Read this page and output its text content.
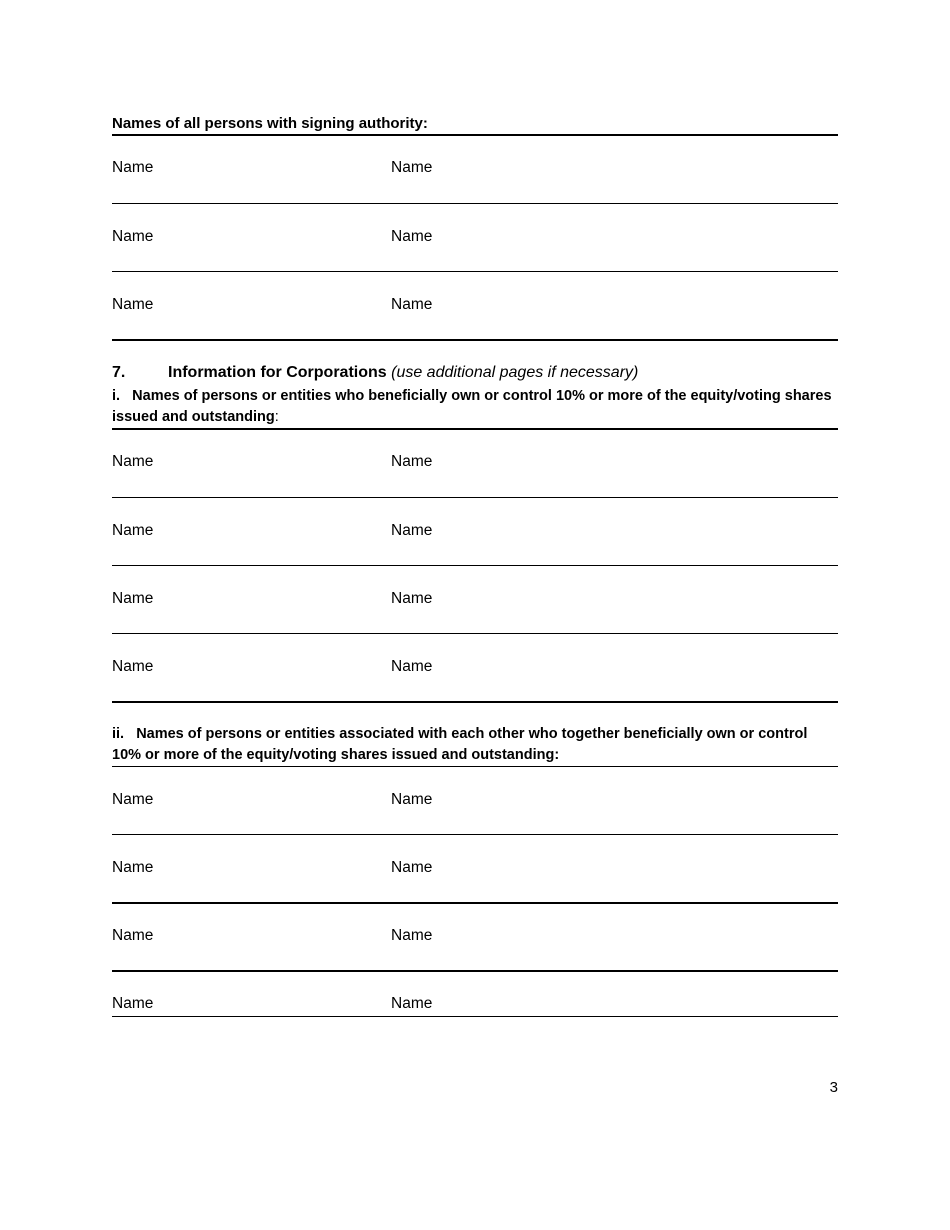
Names of all persons with signing authority:
Name	Name
Name	Name
Name	Name
7.	Information for Corporations (use additional pages if necessary)
i. Names of persons or entities who beneficially own or control 10% or more of the equity/voting shares issued and outstanding:
Name	Name
Name	Name
Name	Name
Name	Name
ii. Names of persons or entities associated with each other who together beneficially own or control 10% or more of the equity/voting shares issued and outstanding:
Name	Name
Name	Name
Name	Name
Name	Name
3
